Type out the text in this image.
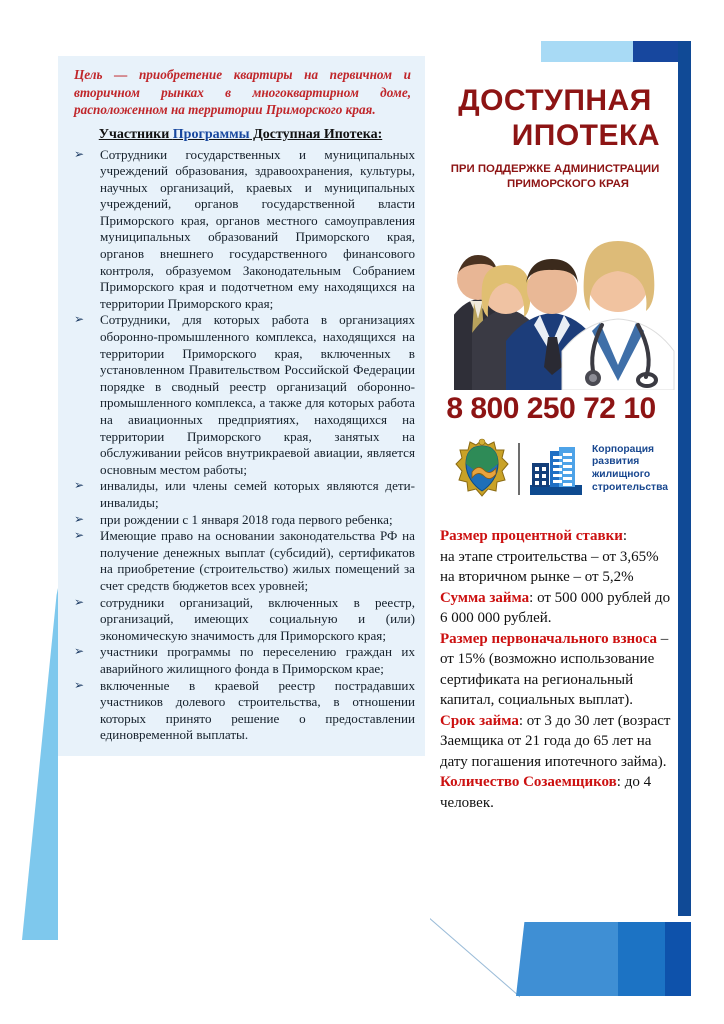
Цель — приобретение квартиры на первичном и вторичном рынках в многоквартирном доме, расположенном на территории Приморского края.
Участники Программы Доступная Ипотека:
➢ Сотрудники государственных и муниципальных учреждений образования, здравоохранения, культуры, научных организаций, краевых и муниципальных учреждений, органов государственной власти Приморского края, органов местного самоуправления муниципальных образований Приморского края, органов внешнего государственного финансового контроля, образуемом Законодательным Собранием Приморского края и подотчетном ему находящихся на территории Приморского края;
➢ Сотрудники, для которых работа в организациях оборонно-промышленного комплекса, находящихся на территории Приморского края, включенных в установленном Правительством Российской Федерации порядке в сводный реестр организаций оборонно-промышленного комплекса, а также для которых работа на авиационных предприятиях, находящихся на территории Приморского края, занятых на обслуживании рейсов внутрикраевой авиации, является основным местом работы;
➢ инвалиды, или члены семей которых являются дети-инвалиды;
➢ при рождении с 1 января 2018 года первого ребенка;
➢ Имеющие право на основании законодательства РФ на получение денежных выплат (субсидий), сертификатов на приобретение (строительство) жилых помещений за счет средств бюджетов всех уровней;
➢ сотрудники организаций, включенных в реестр, организаций, имеющих социальную и (или) экономическую значимость для Приморского края;
➢ участники программы по переселению граждан их аварийного жилищного фонда в Приморском крае;
➢ включенные в краевой реестр пострадавших участников долевого строительства, в отношении которых принято решение о предоставлении единовременной выплаты.
ДОСТУПНАЯ
ИПОТЕКА
ПРИ ПОДДЕРЖКЕ АДМИНИСТРАЦИИ
ПРИМОРСКОГО КРАЯ
8 800 250 72 10
Корпорация
развития
жилищного
строительства

Размер процентной ставки:

на этапе строительства – от 3,65%

на вторичном рынке – от 5,2%

Сумма займа: от 500 000 рублей до 6 000 000 рублей.

Размер первоначального взноса – от 15% (возможно использование сертификата на региональный капитал, социальных выплат).

Срок займа: от 3 до 30 лет (возраст Заемщика от 21 года до 65 лет на дату погашения ипотечного займа).

Количество Созаемщиков: до 4 человек.
